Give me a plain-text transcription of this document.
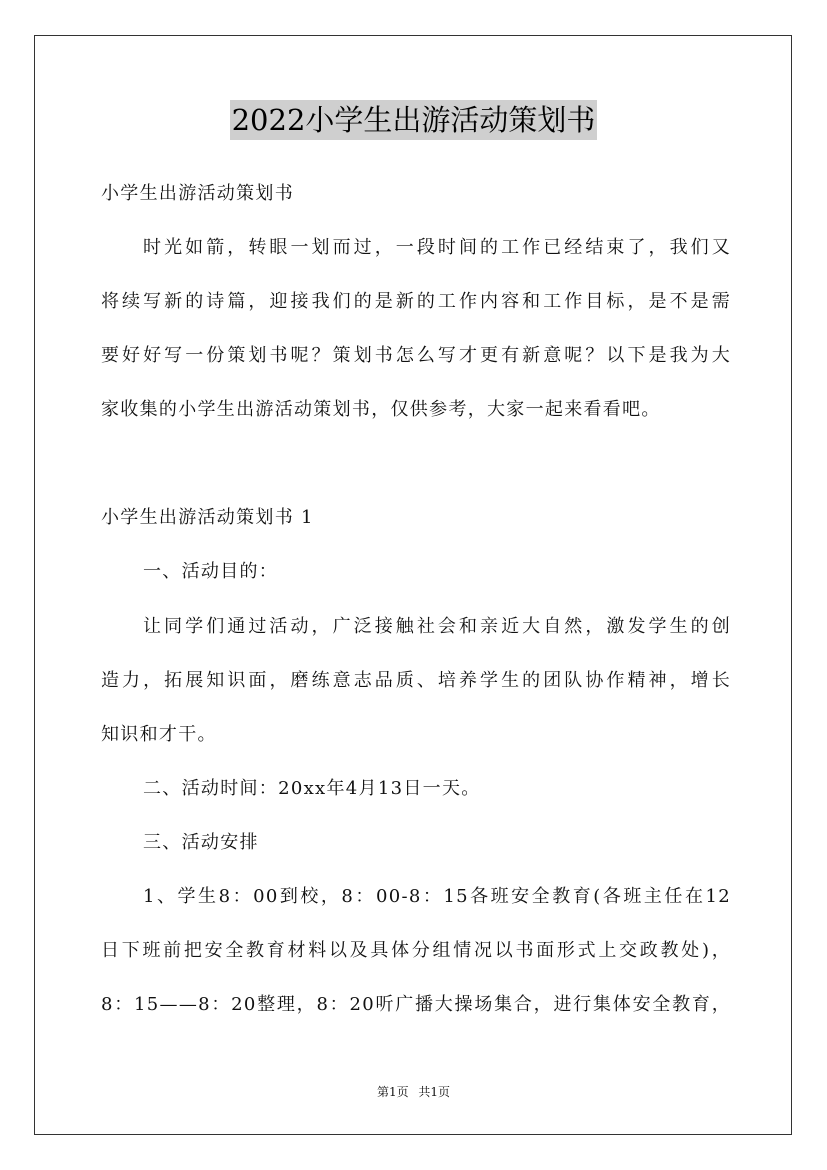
2022小学生出游活动策划书
小学生出游活动策划书
时光如箭，转眼一划而过，一段时间的工作已经结束了，我们又
将续写新的诗篇，迎接我们的是新的工作内容和工作目标，是不是需
要好好写一份策划书呢？策划书怎么写才更有新意呢？以下是我为大
家收集的小学生出游活动策划书，仅供参考，大家一起来看看吧。
小学生出游活动策划书 1
一、活动目的：
让同学们通过活动，广泛接触社会和亲近大自然，激发学生的创
造力，拓展知识面，磨练意志品质、培养学生的团队协作精神，增长
知识和才干。
二、活动时间：20xx年4月13日一天。
三、活动安排
1、学生8：00到校，8：00-8：15各班安全教育(各班主任在12
日下班前把安全教育材料以及具体分组情况以书面形式上交政教处)，
8：15——8：20整理，8：20听广播大操场集合，进行集体安全教育，
第1页 共1页
